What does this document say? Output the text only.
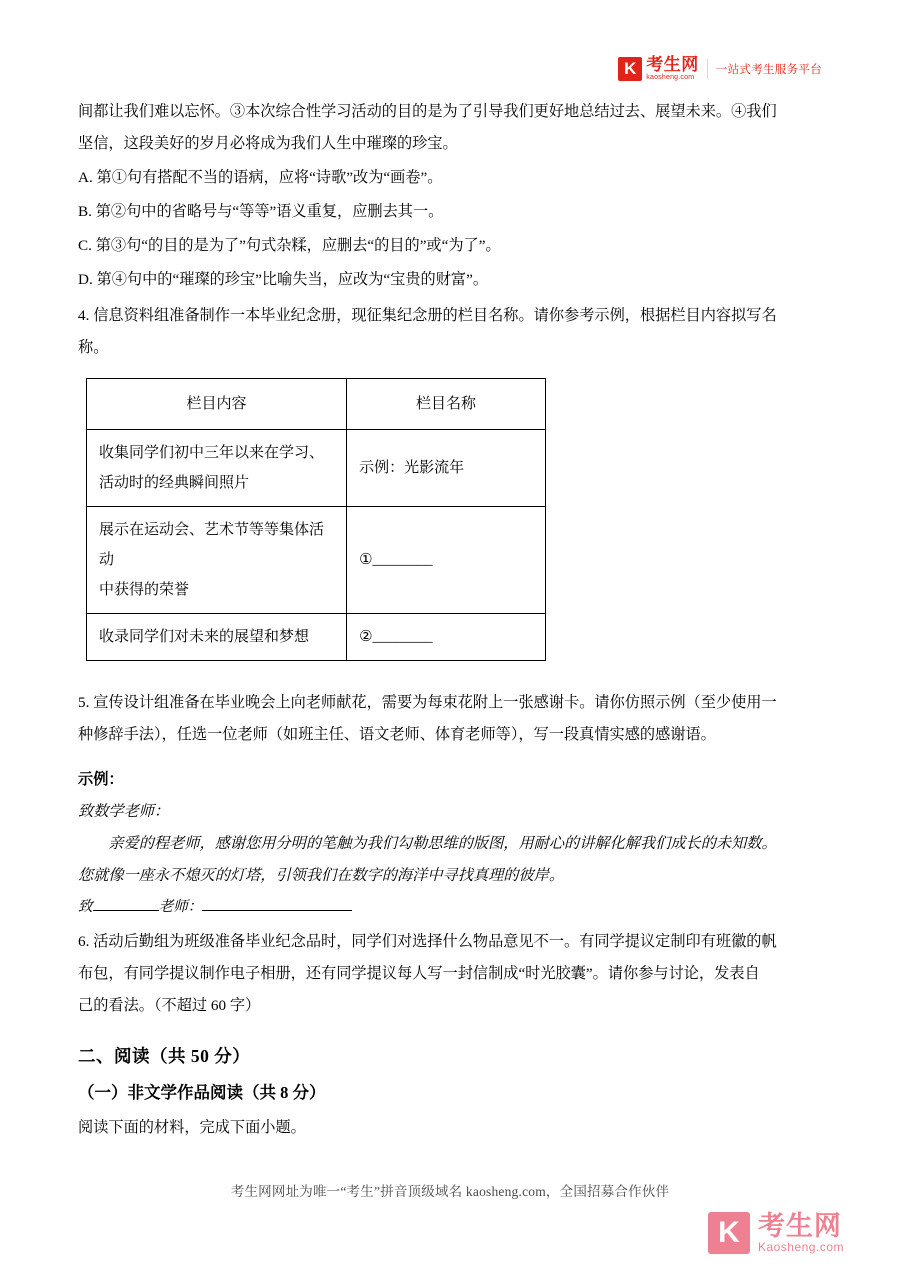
K 考生网
kaosheng.com
一站式考生服务平台

间都让我们难以忘怀。③本次综合性学习活动的目的是为了引导我们更好地总结过去、展望未来。④我们

坚信，这段美好的岁月必将成为我们人生中璀璨的珍宝。

A. 第①句有搭配不当的语病，应将“诗歌”改为“画卷”。

B. 第②句中的省略号与“等等”语义重复，应删去其一。

C. 第③句“的目的是为了”句式杂糅，应删去“的目的”或“为了”。

D. 第④句中的“璀璨的珍宝”比喻失当，应改为“宝贵的财富”。

4. 信息资料组准备制作一本毕业纪念册，现征集纪念册的栏目名称。请你参考示例，根据栏目内容拟写名

称。

栏目内容	栏目名称

收集同学们初中三年以来在学习、
活动时的经典瞬间照片	示例：光影流年

展示在运动会、艺术节等等集体活动
中获得的荣誉	①________

收录同学们对未来的展望和梦想	②________

5. 宣传设计组准备在毕业晚会上向老师献花，需要为每束花附上一张感谢卡。请你仿照示例（至少使用一

种修辞手法），任选一位老师（如班主任、语文老师、体育老师等），写一段真情实感的感谢语。

示例：

致数学老师：

亲爱的程老师，感谢您用分明的笔触为我们勾勒思维的版图，用耐心的讲解化解我们成长的未知数。

您就像一座永不熄灭的灯塔，引领我们在数字的海洋中寻找真理的彼岸。

致	老师：

6. 活动后勤组为班级准备毕业纪念品时，同学们对选择什么物品意见不一。有同学提议定制印有班徽的帆

布包，有同学提议制作电子相册，还有同学提议每人写一封信制成“时光胶囊”。请你参与讨论，发表自

己的看法。（不超过 60 字）

二、阅读（共 50 分）
（一）非文学作品阅读（共 8 分）

阅读下面的材料，完成下面小题。

考生网网址为唯一“考生”拼音顶级域名 kaosheng.com，全国招募合作伙伴
K 考生网
Kaosheng.com
